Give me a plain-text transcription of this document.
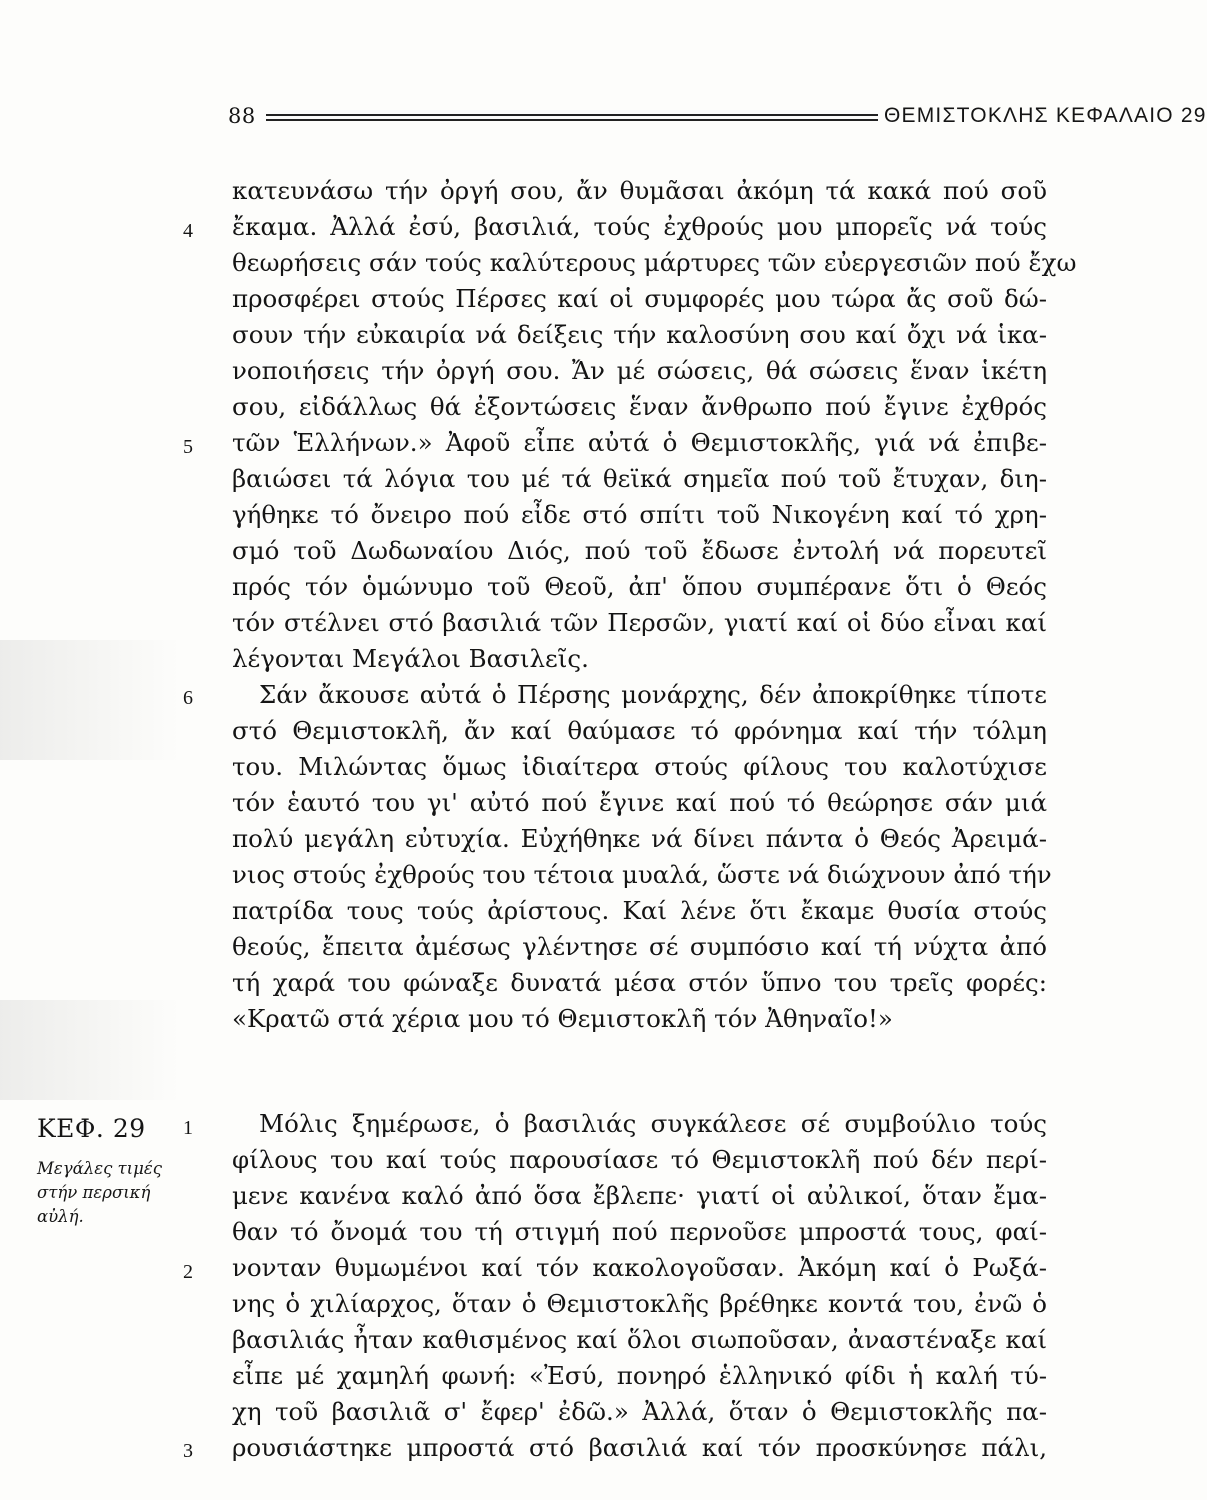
88	ΘΕΜΙΣΤΟΚΛΗΣ ΚΕΦΑΛΑΙΟ 29
4
5
6
1
2
3
ΚΕΦ. 29
Μεγάλες τιμές
στήν περσική
αὐλή.
κατευνάσω τήν ὀργή σου, ἄν θυμᾶσαι ἀκόμη τά κακά πού σοῦ
ἔκαμα. Ἀλλά ἐσύ, βασιλιά, τούς ἐχθρούς μου μπορεῖς νά τούς
θεωρήσεις σάν τούς καλύτερους μάρτυρες τῶν εὐεργεσιῶν πού ἔχω
προσφέρει στούς Πέρσες καί οἱ συμφορές μου τώρα ἄς σοῦ δώ-
σουν τήν εὐκαιρία νά δείξεις τήν καλοσύνη σου καί ὄχι νά ἱκα-
νοποιήσεις τήν ὀργή σου. Ἄν μέ σώσεις, θά σώσεις ἕναν ἱκέτη
σου, εἰδάλλως θά ἐξοντώσεις ἕναν ἄνθρωπο πού ἔγινε ἐχθρός
τῶν Ἑλλήνων.» Ἀφοῦ εἶπε αὐτά ὁ Θεμιστοκλῆς, γιά νά ἐπιβε-
βαιώσει τά λόγια του μέ τά θεϊκά σημεῖα πού τοῦ ἔτυχαν, διη-
γήθηκε τό ὄνειρο πού εἶδε στό σπίτι τοῦ Νικογένη καί τό χρη-
σμό τοῦ Δωδωναίου Διός, πού τοῦ ἔδωσε ἐντολή νά πορευτεῖ
πρός τόν ὁμώνυμο τοῦ Θεοῦ, ἀπ' ὅπου συμπέρανε ὅτι ὁ Θεός
τόν στέλνει στό βασιλιά τῶν Περσῶν, γιατί καί οἱ δύο εἶναι καί
λέγονται Μεγάλοι Βασιλεῖς.
Σάν ἄκουσε αὐτά ὁ Πέρσης μονάρχης, δέν ἀποκρίθηκε τίποτε
στό Θεμιστοκλῆ, ἄν καί θαύμασε τό φρόνημα καί τήν τόλμη
του. Μιλώντας ὅμως ἰδιαίτερα στούς φίλους του καλοτύχισε
τόν ἑαυτό του γι' αὐτό πού ἔγινε καί πού τό θεώρησε σάν μιά
πολύ μεγάλη εὐτυχία. Εὐχήθηκε νά δίνει πάντα ὁ Θεός Ἀρειμά-
νιος στούς ἐχθρούς του τέτοια μυαλά, ὥστε νά διώχνουν ἀπό τήν
πατρίδα τους τούς ἀρίστους. Καί λένε ὅτι ἔκαμε θυσία στούς
θεούς, ἔπειτα ἀμέσως γλέντησε σέ συμπόσιο καί τή νύχτα ἀπό
τή χαρά του φώναξε δυνατά μέσα στόν ὕπνο του τρεῖς φορές:
«Κρατῶ στά χέρια μου τό Θεμιστοκλῆ τόν Ἀθηναῖο!»
Μόλις ξημέρωσε, ὁ βασιλιάς συγκάλεσε σέ συμβούλιο τούς
φίλους του καί τούς παρουσίασε τό Θεμιστοκλῆ πού δέν περί-
μενε κανένα καλό ἀπό ὅσα ἔβλεπε· γιατί οἱ αὐλικοί, ὅταν ἔμα-
θαν τό ὄνομά του τή στιγμή πού περνοῦσε μπροστά τους, φαί-
νονταν θυμωμένοι καί τόν κακολογοῦσαν. Ἀκόμη καί ὁ Ρωξά-
νης ὁ χιλίαρχος, ὅταν ὁ Θεμιστοκλῆς βρέθηκε κοντά του, ἐνῶ ὁ
βασιλιάς ἦταν καθισμένος καί ὅλοι σιωποῦσαν, ἀναστέναξε καί
εἶπε μέ χαμηλή φωνή: «Ἐσύ, πονηρό ἑλληνικό φίδι ἡ καλή τύ-
χη τοῦ βασιλιᾶ σ' ἔφερ' ἐδῶ.» Ἀλλά, ὅταν ὁ Θεμιστοκλῆς πα-
ρουσιάστηκε μπροστά στό βασιλιά καί τόν προσκύνησε πάλι,
